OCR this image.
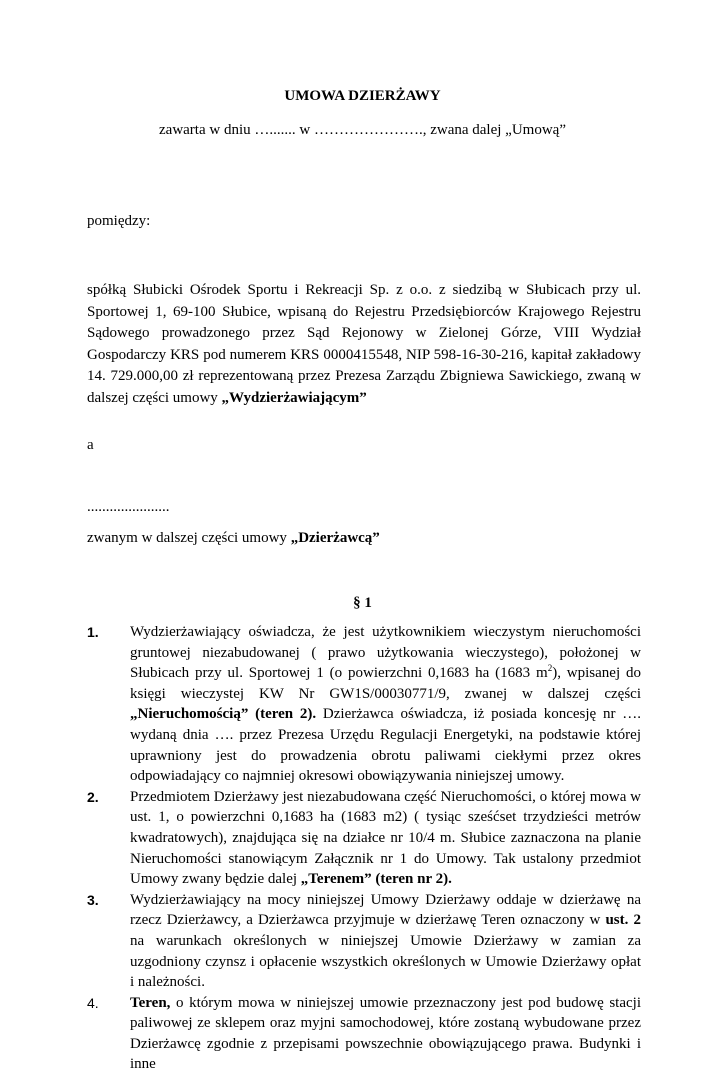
UMOWA DZIERŻAWY
zawarta w dniu …....... w …………………., zwana dalej „Umową”
pomiędzy:
spółką Słubicki Ośrodek Sportu i Rekreacji Sp. z o.o. z siedzibą w Słubicach przy ul. Sportowej 1, 69-100 Słubice, wpisaną do Rejestru Przedsiębiorców Krajowego Rejestru Sądowego prowadzonego przez Sąd Rejonowy w Zielonej Górze, VIII Wydział Gospodarczy KRS pod numerem KRS 0000415548, NIP 598-16-30-216, kapitał zakładowy 14. 729.000,00 zł reprezentowaną przez Prezesa Zarządu Zbigniewa Sawickiego, zwaną w dalszej części umowy „Wydzierżawiającym”
a
......................
zwanym w dalszej części umowy „Dzierżawcą”
§ 1
1. Wydzierżawiający oświadcza, że jest użytkownikiem wieczystym nieruchomości gruntowej niezabudowanej ( prawo użytkowania wieczystego), położonej w Słubicach przy ul. Sportowej 1 (o powierzchni 0,1683 ha (1683 $m^2$), wpisanej do księgi wieczystej KW Nr GW1S/00030771/9, zwanej w dalszej części „Nieruchomością” (teren 2). Dzierżawca oświadcza, iż posiada koncesję nr …. wydaną dnia …. przez Prezesa Urzędu Regulacji Energetyki, na podstawie której uprawniony jest do prowadzenia obrotu paliwami ciekłymi przez okres odpowiadający co najmniej okresowi obowiązywania niniejszej umowy.
2. Przedmiotem Dzierżawy jest niezabudowana część Nieruchomości, o której mowa w ust. 1, o powierzchni 0,1683 ha (1683 m2) ( tysiąc sześćset trzydzieści metrów kwadratowych), znajdująca się na działce nr 10/4 m. Słubice zaznaczona na planie Nieruchomości stanowiącym Załącznik nr 1 do Umowy. Tak ustalony przedmiot Umowy zwany będzie dalej „Terenem” (teren nr 2).
3. Wydzierżawiający na mocy niniejszej Umowy Dzierżawy oddaje w dzierżawę na rzecz Dzierżawcy, a Dzierżawca przyjmuje w dzierżawę Teren oznaczony w ust. 2 na warunkach określonych w niniejszej Umowie Dzierżawy w zamian za uzgodniony czynsz i opłacenie wszystkich określonych w Umowie Dzierżawy opłat i należności.
4. Teren, o którym mowa w niniejszej umowie przeznaczony jest pod budowę stacji paliwowej ze sklepem oraz myjni samochodowej, które zostaną wybudowane przez Dzierżawcę zgodnie z przepisami powszechnie obowiązującego prawa. Budynki i inne
